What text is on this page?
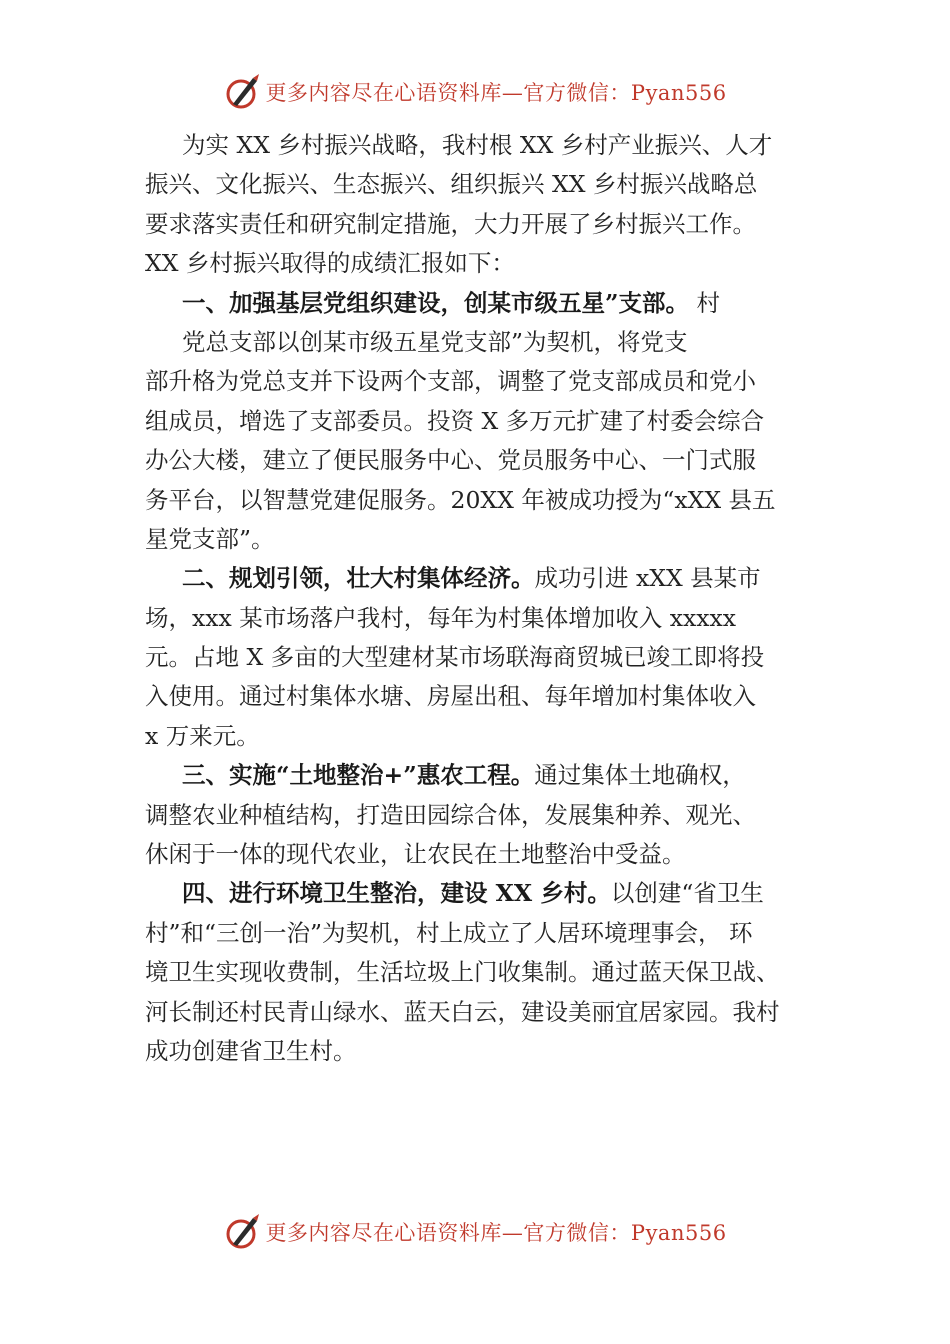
更多内容尽在心语资料库—官方微信：Pyan556
为实 XX 乡村振兴战略，我村根 XX 乡村产业振兴、人才
振兴、文化振兴、生态振兴、组织振兴 XX 乡村振兴战略总
要求落实责任和研究制定措施，大力开展了乡村振兴工作。
XX 乡村振兴取得的成绩汇报如下：
一、加强基层党组织建设，创某市级五星”支部。 村
党总支部以创某市级五星党支部”为契机，将党支
部升格为党总支并下设两个支部，调整了党支部成员和党小
组成员，增选了支部委员。投资 X 多万元扩建了村委会综合
办公大楼，建立了便民服务中心、党员服务中心、一门式服
务平台，以智慧党建促服务。20XX 年被成功授为“xXX 县五
星党支部”。
二、规划引领，壮大村集体经济。成功引进 xXX 县某市
场，xxx 某市场落户我村，每年为村集体增加收入 xxxxx
元。占地 X 多亩的大型建材某市场联海商贸城已竣工即将投
入使用。通过村集体水塘、房屋出租、每年增加村集体收入
x 万来元。
三、实施“土地整治+”惠农工程。通过集体土地确权，
调整农业种植结构，打造田园综合体，发展集种养、观光、
休闲于一体的现代农业，让农民在土地整治中受益。
四、进行环境卫生整治，建设 XX 乡村。以创建“省卫生
村”和“三创一治”为契机，村上成立了人居环境理事会， 环
境卫生实现收费制，生活垃圾上门收集制。通过蓝天保卫战、
河长制还村民青山绿水、蓝天白云，建设美丽宜居家园。我村
成功创建省卫生村。
更多内容尽在心语资料库—官方微信：Pyan556
